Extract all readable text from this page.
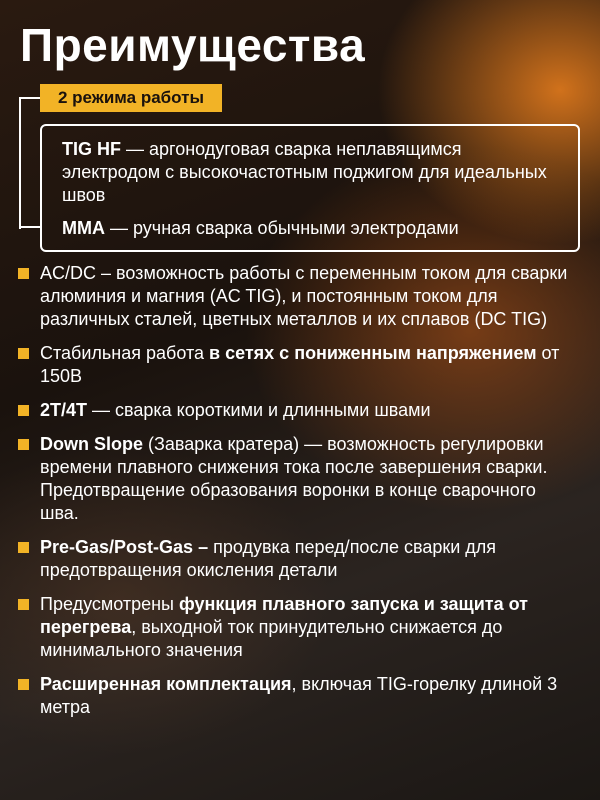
Преимущества
2 режима работы

TIG HF — аргонодуговая сварка неплавящимся электродом с высокочастотным поджигом для идеальных швов

MMA — ручная сварка обычными электродами

AC/DC – возможность работы с переменным током для сварки алюминия и магния (AC TIG), и постоянным током для различных сталей, цветных металлов и их сплавов (DC TIG)
Стабильная работа в сетях с пониженным напряжением от 150В
2T/4T — сварка короткими и длинными швами
Down Slope (Заварка кратера) — возможность регулировки времени плавного снижения тока после завершения сварки. Предотвращение образования воронки в конце сварочного шва.
Pre-Gas/Post-Gas – продувка перед/после сварки для предотвращения окисления детали
Предусмотрены функция плавного запуска и защита от перегрева, выходной ток принудительно снижается до минимального значения
Расширенная комплектация, включая TIG-горелку длиной 3 метра
